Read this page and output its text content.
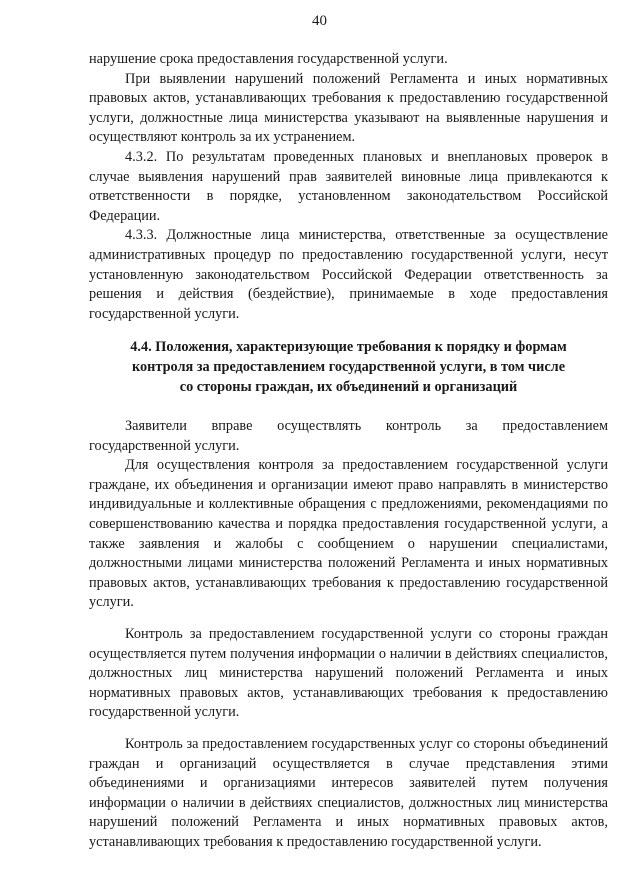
40

нарушение срока предоставления государственной услуги.

При выявлении нарушений положений Регламента и иных нормативных правовых актов, устанавливающих требования к предоставлению государственной услуги, должностные лица министерства указывают на выявленные нарушения и осуществляют контроль за их устранением.

4.3.2. По результатам проведенных плановых и внеплановых проверок в случае выявления нарушений прав заявителей виновные лица привлекаются к ответственности в порядке, установленном законодательством Российской Федерации.

4.3.3. Должностные лица министерства, ответственные за осуществление административных процедур по предоставлению государственной услуги, несут установленную законодательством Российской Федерации ответственность за решения и действия (бездействие), принимаемые в ходе предоставления государственной услуги.

4.4. Положения, характеризующие требования к порядку и формам контроля за предоставлением государственной услуги, в том числе со стороны граждан, их объединений и организаций

Заявители вправе осуществлять контроль за предоставлением государственной услуги.

Для осуществления контроля за предоставлением государственной услуги граждане, их объединения и организации имеют право направлять в министерство индивидуальные и коллективные обращения с предложениями, рекомендациями по совершенствованию качества и порядка предоставления государственной услуги, а также заявления и жалобы с сообщением о нарушении специалистами, должностными лицами министерства положений Регламента и иных нормативных правовых актов, устанавливающих требования к предоставлению государственной услуги.

Контроль за предоставлением государственной услуги со стороны граждан осуществляется путем получения информации о наличии в действиях специалистов, должностных лиц министерства нарушений положений Регламента и иных нормативных правовых актов, устанавливающих требования к предоставлению государственной услуги.

Контроль за предоставлением государственных услуг со стороны объединений граждан и организаций осуществляется в случае представления этими объединениями и организациями интересов заявителей путем получения информации о наличии в действиях специалистов, должностных лиц министерства нарушений положений Регламента и иных нормативных правовых актов, устанавливающих требования к предоставлению государственной услуги.
